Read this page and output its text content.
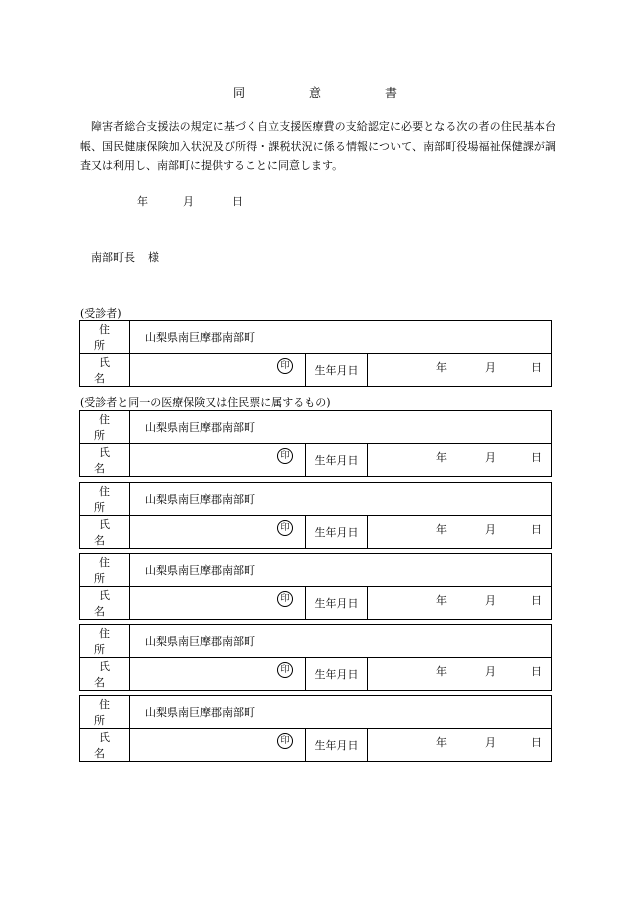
同　意　書
障害者総合支援法の規定に基づく自立支援医療費の支給認定に必要となる次の者の住民基本台帳、国民健康保険加入状況及び所得・課税状況に係る情報について、南部町役場福祉保健課が調査又は利用し、南部町に提供することに同意します。
年	月	日
南部町長 様
(受診者)
(受診者と同一の医療保険又は住民票に属するもの)
住所	山梨県南巨摩郡南部町		
氏名	印	生年月日	年 月 日
住所	山梨県南巨摩郡南部町		
氏名	印	生年月日	年 月 日
住所	山梨県南巨摩郡南部町		
氏名	印	生年月日	年 月 日
住所	山梨県南巨摩郡南部町		
氏名	印	生年月日	年 月 日
住所	山梨県南巨摩郡南部町		
氏名	印	生年月日	年 月 日
住所	山梨県南巨摩郡南部町		
氏名	印	生年月日	年 月 日
